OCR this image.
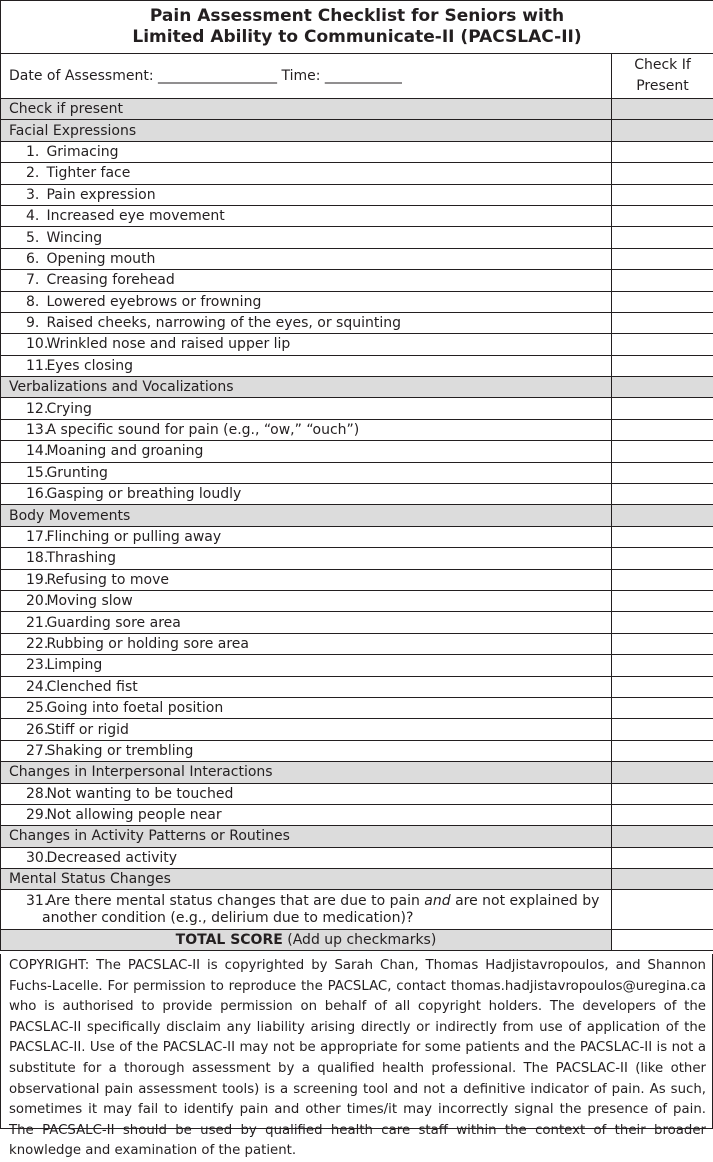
Pain Assessment Checklist for Seniors with
Limited Ability to Communicate-II (PACSLAC-II)	

Date of Assessment: _________________ Time: ___________	Check If
Present

Check if present	
Facial Expressions	
1. Grimacing	
2. Tighter face	
3. Pain expression	
4. Increased eye movement	
5. Wincing	
6. Opening mouth	
7. Creasing forehead	
8. Lowered eyebrows or frowning	
9. Raised cheeks, narrowing of the eyes, or squinting	
10. Wrinkled nose and raised upper lip	
11. Eyes closing	
Verbalizations and Vocalizations	
12. Crying	
13. A specific sound for pain (e.g., “ow,” “ouch”)	
14. Moaning and groaning	
15. Grunting	
16. Gasping or breathing loudly	
Body Movements	
17. Flinching or pulling away	
18. Thrashing	
19. Refusing to move	
20. Moving slow	
21. Guarding sore area	
22. Rubbing or holding sore area	
23. Limping	
24. Clenched fist	
25. Going into foetal position	
26. Stiff or rigid	
27. Shaking or trembling	
Changes in Interpersonal Interactions	
28. Not wanting to be touched	
29. Not allowing people near	
Changes in Activity Patterns or Routines	
30. Decreased activity	
Mental Status Changes	

31. Are there mental status changes that are due to pain and are not explained by another condition (e.g., delirium due to medication)?	

TOTAL SCORE (Add up checkmarks)	
COPYRIGHT: The PACSLAC-II is copyrighted by Sarah Chan, Thomas Hadjistavropoulos, and Shannon Fuchs-Lacelle. For permission to reproduce the PACSLAC, contact thomas.hadjistavropoulos@uregina.ca who is authorised to provide permission on behalf of all copyright holders. The developers of the PACSLAC-II specifically disclaim any liability arising directly or indirectly from use of application of the PACSLAC-II. Use of the PACSLAC-II may not be appropriate for some patients and the PACSLAC-II is not a substitute for a thorough assessment by a qualified health professional. The PACSLAC-II (like other observational pain assessment tools) is a screening tool and not a definitive indicator of pain. As such, sometimes it may fail to identify pain and other times/it may incorrectly signal the presence of pain. The PACSALC-II should be used by qualified health care staff within the context of their broader knowledge and examination of the patient.
